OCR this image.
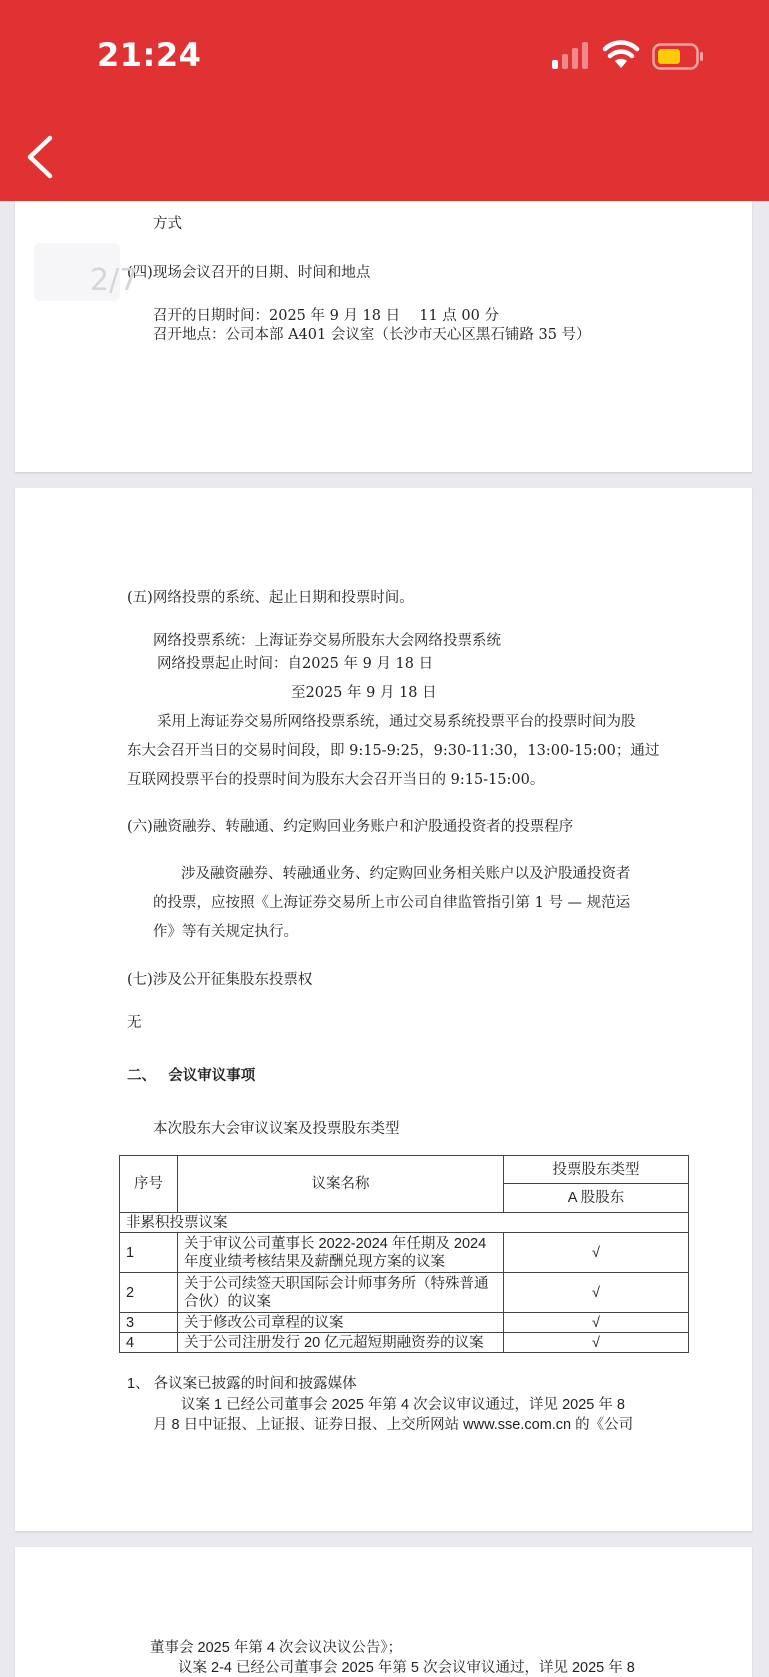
21:24
方式
(四)现场会议召开的日期、时间和地点
召开的日期时间：2025 年 9 月 18 日　 11 点 00 分
召开地点：公司本部 A401 会议室（长沙市天心区黑石铺路 35 号）
2/7
(五)网络投票的系统、起止日期和投票时间。
网络投票系统：上海证券交易所股东大会网络投票系统
网络投票起止时间：自2025 年 9 月 18 日
至2025 年 9 月 18 日
采用上海证券交易所网络投票系统，通过交易系统投票平台的投票时间为股
东大会召开当日的交易时间段，即 9:15-9:25，9:30-11:30，13:00-15:00；通过
互联网投票平台的投票时间为股东大会召开当日的 9:15-15:00。
(六)融资融券、转融通、约定购回业务账户和沪股通投资者的投票程序
涉及融资融券、转融通业务、约定购回业务相关账户以及沪股通投资者
的投票，应按照《上海证券交易所上市公司自律监管指引第 1 号 — 规范运
作》等有关规定执行。
(七)涉及公开征集股东投票权
无
二、　 会议审议事项
本次股东大会审议议案及投票股东类型
序号	议案名称	投票股东类型
		A 股股东
非累积投票议案		
1	关于审议公司董事长 2022-2024 年任期及 2024
年度业绩考核结果及薪酬兑现方案的议案	√
2	关于公司续签天职国际会计师事务所（特殊普通
合伙）的议案	√
3	关于修改公司章程的议案	√
4	关于公司注册发行 20 亿元超短期融资券的议案	√
1、 各议案已披露的时间和披露媒体
议案 1 已经公司董事会 2025 年第 4 次会议审议通过，详见 2025 年 8
月 8 日中证报、上证报、证券日报、上交所网站 www.sse.com.cn 的《公司
董事会 2025 年第 4 次会议决议公告》；
议案 2-4 已经公司董事会 2025 年第 5 次会议审议通过，详见 2025 年 8
